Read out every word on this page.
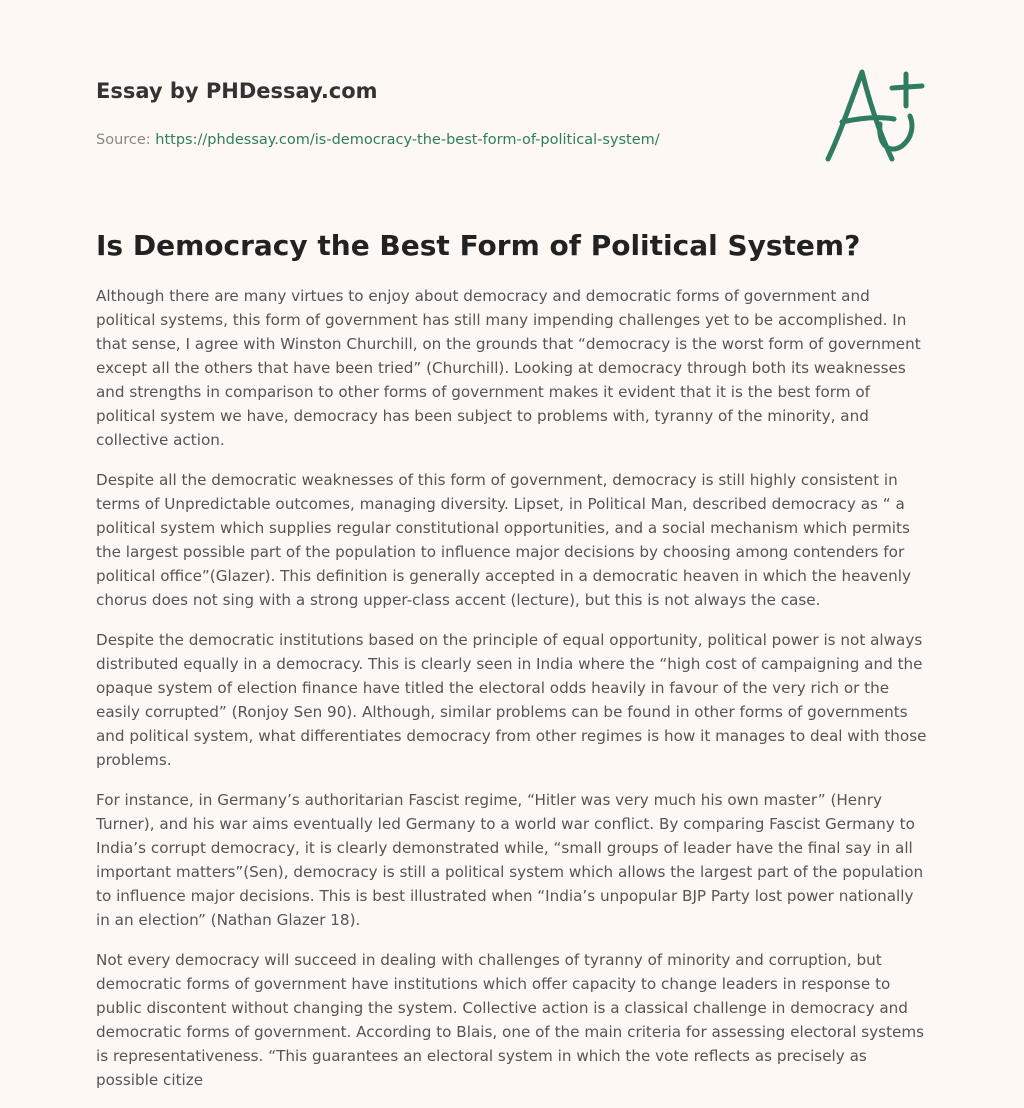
Essay by PHDessay.com
Source: https://phdessay.com/is-democracy-the-best-form-of-political-system/
Is Democracy the Best Form of Political System?

Although there are many virtues to enjoy about democracy and democratic forms of government and political systems, this form of government has still many impending challenges yet to be accomplished. In that sense, I agree with Winston Churchill, on the grounds that “democracy is the worst form of government except all the others that have been tried” (Churchill). Looking at democracy through both its weaknesses and strengths in comparison to other forms of government makes it evident that it is the best form of political system we have, democracy has been subject to problems with, tyranny of the minority, and collective action.

Despite all the democratic weaknesses of this form of government, democracy is still highly consistent in terms of Unpredictable outcomes, managing diversity. Lipset, in Political Man, described democracy as “ a political system which supplies regular constitutional opportunities, and a social mechanism which permits the largest possible part of the population to influence major decisions by choosing among contenders for political office”(Glazer). This definition is generally accepted in a democratic heaven in which the heavenly chorus does not sing with a strong upper-class accent (lecture), but this is not always the case.

Despite the democratic institutions based on the principle of equal opportunity, political power is not always distributed equally in a democracy. This is clearly seen in India where the “high cost of campaigning and the opaque system of election finance have titled the electoral odds heavily in favour of the very rich or the easily corrupted” (Ronjoy Sen 90). Although, similar problems can be found in other forms of governments and political system, what differentiates democracy from other regimes is how it manages to deal with those problems.

For instance, in Germany’s authoritarian Fascist regime, “Hitler was very much his own master” (Henry Turner), and his war aims eventually led Germany to a world war conflict. By comparing Fascist Germany to India’s corrupt democracy, it is clearly demonstrated while, “small groups of leader have the final say in all important matters”(Sen), democracy is still a political system which allows the largest part of the population to influence major decisions. This is best illustrated when “India’s unpopular BJP Party lost power nationally in an election” (Nathan Glazer 18).

Not every democracy will succeed in dealing with challenges of tyranny of minority and corruption, but democratic forms of government have institutions which offer capacity to change leaders in response to public discontent without changing the system. Collective action is a classical challenge in democracy and democratic forms of government. According to Blais, one of the main criteria for assessing electoral systems is representativeness. “This guarantees an electoral system in which the vote reflects as precisely as possible citize
